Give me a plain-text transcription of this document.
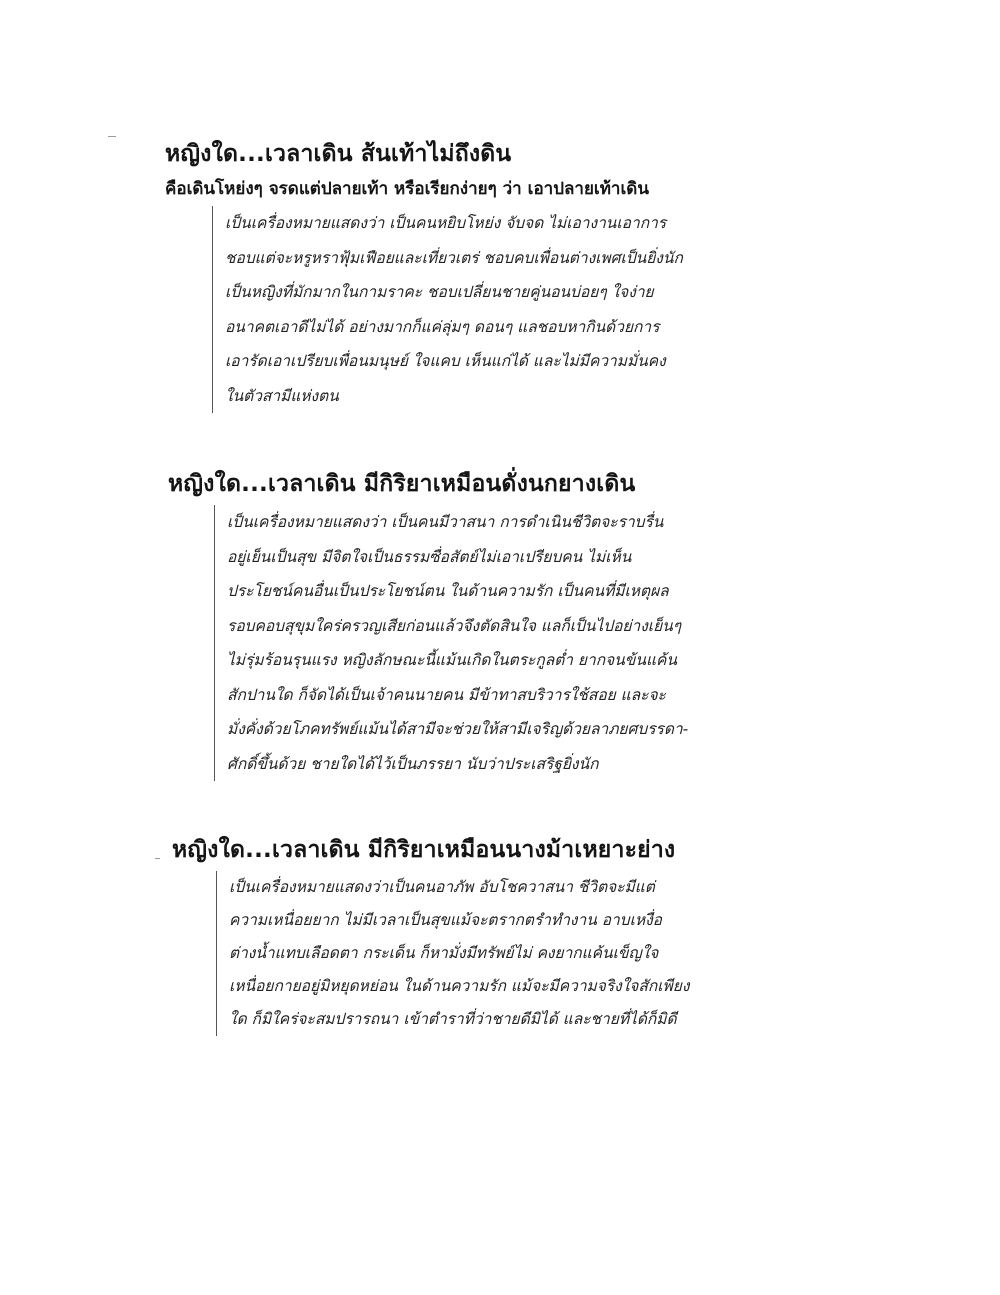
หญิงใด...เวลาเดิน ส้นเท้าไม่ถึงดิน
คือเดินโหย่งๆ จรดแต่ปลายเท้า หรือเรียกง่ายๆ ว่า เอาปลายเท้าเดิน
เป็นเครื่องหมายแสดงว่า เป็นคนหยิบโหย่ง จับจด ไม่เอางานเอาการ
ชอบแต่จะหรูหราฟุ้มเฟือยและเที่ยวเตร่ ชอบคบเพื่อนต่างเพศเป็นยิ่งนัก
เป็นหญิงที่มักมากในกามราคะ ชอบเปลี่ยนชายคู่นอนบ่อยๆ ใจง่าย
อนาคตเอาดีไม่ได้ อย่างมากก็แค่ลุ่มๆ ดอนๆ แลชอบหากินด้วยการ
เอารัดเอาเปรียบเพื่อนมนุษย์ ใจแคบ เห็นแก่ได้ และไม่มีความมั่นคง
ในตัวสามีแห่งตน
หญิงใด...เวลาเดิน มีกิริยาเหมือนดั่งนกยางเดิน
เป็นเครื่องหมายแสดงว่า เป็นคนมีวาสนา การดำเนินชีวิตจะราบรื่น
อยู่เย็นเป็นสุข มีจิตใจเป็นธรรมซื่อสัตย์ไม่เอาเปรียบคน ไม่เห็น
ประโยชน์คนอื่นเป็นประโยชน์ตน ในด้านความรัก เป็นคนที่มีเหตุผล
รอบคอบสุขุมใคร่ครวญเสียก่อนแล้วจึงตัดสินใจ แลก็เป็นไปอย่างเย็นๆ
ไม่รุ่มร้อนรุนแรง หญิงลักษณะนี้แม้นเกิดในตระกูลต่ำ ยากจนข้นแค้น
สักปานใด ก็จัดได้เป็นเจ้าคนนายคน มีข้าทาสบริวารใช้สอย และจะ
มั่งคั่งด้วยโภคทรัพย์แม้นได้สามีจะช่วยให้สามีเจริญด้วยลาภยศบรรดา-
ศักดิ์ขึ้นด้วย ชายใดได้ไว้เป็นภรรยา นับว่าประเสริฐยิ่งนัก
หญิงใด...เวลาเดิน มีกิริยาเหมือนนางม้าเหยาะย่าง
เป็นเครื่องหมายแสดงว่าเป็นคนอาภัพ อับโชควาสนา ชีวิตจะมีแต่
ความเหนื่อยยาก ไม่มีเวลาเป็นสุขแม้จะตรากตรำทำงาน อาบเหงื่อ
ต่างน้ำแทบเลือดตา กระเด็น ก็หามั่งมีทรัพย์ไม่ คงยากแค้นเข็ญใจ
เหนื่อยกายอยู่มิหยุดหย่อน ในด้านความรัก แม้จะมีความจริงใจสักเพียง
ใด ก็มิใคร่จะสมปรารถนา เข้าตำราที่ว่าชายดีมิได้ และชายที่ได้ก็มิดี
